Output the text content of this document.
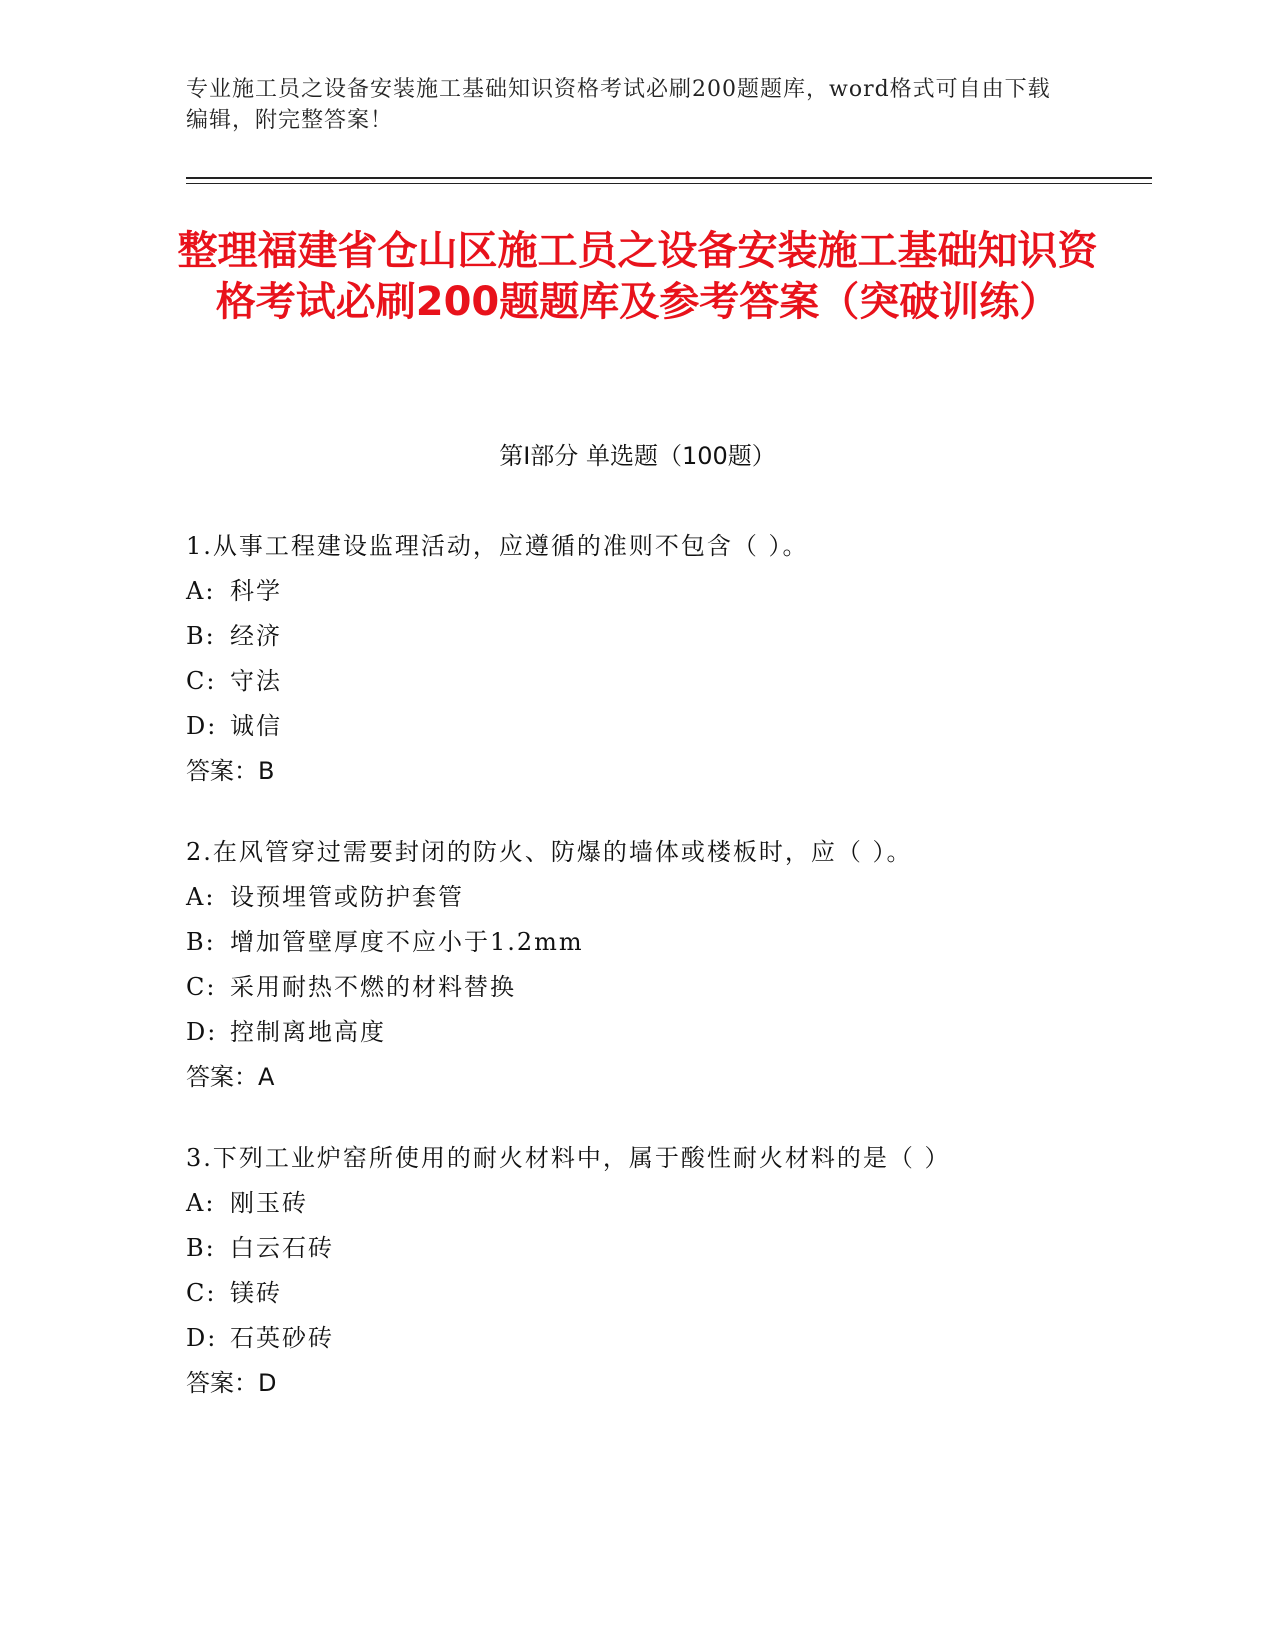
专业施工员之设备安装施工基础知识资格考试必刷200题题库，word格式可自由下载编辑，附完整答案！
整理福建省仓山区施工员之设备安装施工基础知识资格考试必刷200题题库及参考答案（突破训练）
第Ⅰ部分 单选题（100题）
1.从事工程建设监理活动，应遵循的准则不包含（ ）。
A: 科学
B: 经济
C: 守法
D: 诚信
答案：B
2.在风管穿过需要封闭的防火、防爆的墙体或楼板时，应（ ）。
A: 设预埋管或防护套管
B: 增加管壁厚度不应小于1.2mm
C: 采用耐热不燃的材料替换
D: 控制离地高度
答案：A
3.下列工业炉窑所使用的耐火材料中，属于酸性耐火材料的是（ ）
A: 刚玉砖
B: 白云石砖
C: 镁砖
D: 石英砂砖
答案：D
